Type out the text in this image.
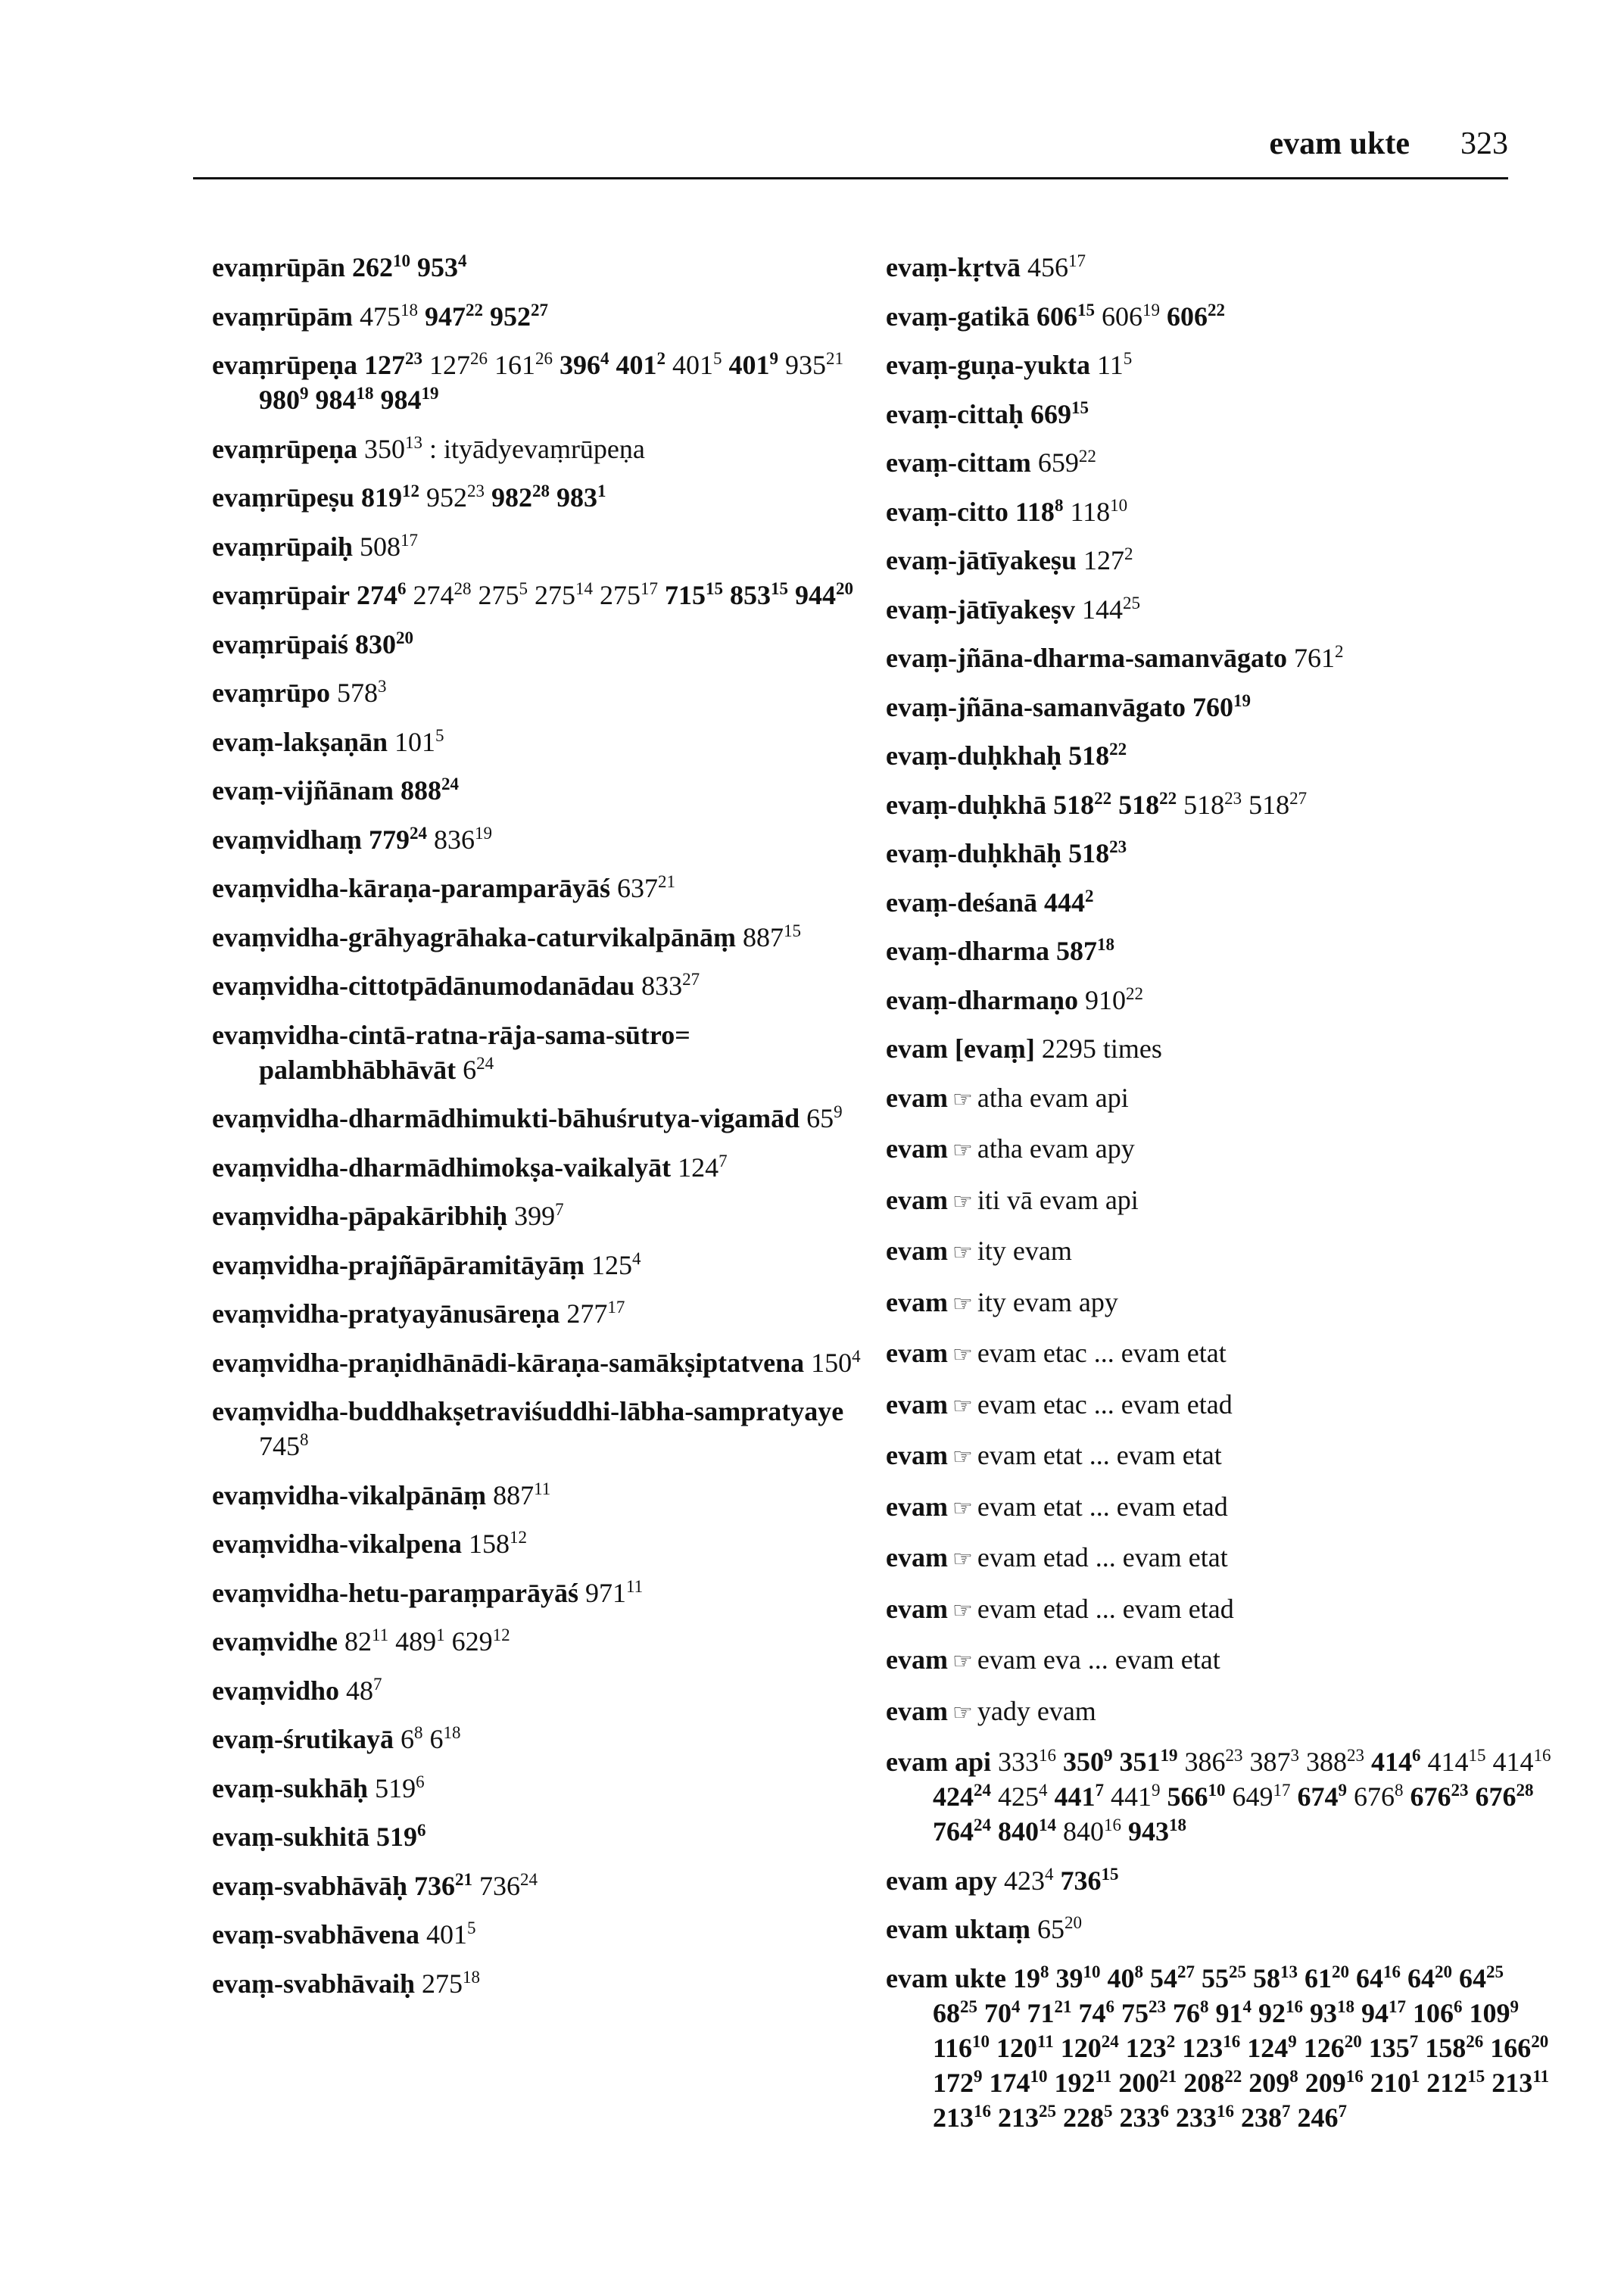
evam ukte 323
evaṃrūpān $262^{10}$ $953^4$
evaṃrūpām $475^{18}$ $947^{22}$ $952^{27}$
evaṃrūpeṇa $127^{23}$ $127^{26}$ $161^{26}$ $396^4$ $401^2$ $401^5$ $401^9$ $935^{21}$ $980^9$ $984^{18}$ $984^{19}$
evaṃrūpeṇa $350^{13}$ : ityādyevaṃrūpeṇa
evaṃrūpeṣu $819^{12}$ $952^{23}$ $982^{28}$ $983^1$
evaṃrūpaiḥ $508^{17}$
evaṃrūpair $274^6$ $274^{28}$ $275^5$ $275^{14}$ $275^{17}$ $715^{15}$ $853^{15}$ $944^{20}$
evaṃrūpaiś $830^{20}$
evaṃrūpo $578^3$
evaṃ-lakṣaṇān $101^5$
evaṃ-vijñānam $888^{24}$
evaṃvidhaṃ $779^{24}$ $836^{19}$
evaṃvidha-kāraṇa-paramparāyāś $637^{21}$
evaṃvidha-grāhyagrāhaka-caturvikalpānāṃ $887^{15}$
evaṃvidha-cittotpādānumodanādau $833^{27}$
evaṃvidha-cintā-ratna-rāja-sama-sūtro= palambhābhāvāt $6^{24}$
evaṃvidha-dharmādhimukti-bāhuśrutya-vigamād $65^9$
evaṃvidha-dharmādhimokṣa-vaikalyāt $124^7$
evaṃvidha-pāpakāribhiḥ $399^7$
evaṃvidha-prajñāpāramitāyāṃ $125^4$
evaṃvidha-pratyayānusāreṇa $277^{17}$
evaṃvidha-praṇidhānādi-kāraṇa-samākṣiptatvena $150^4$
evaṃvidha-buddhakṣetraviśuddhi-lābha-sampratyaye $745^8$
evaṃvidha-vikalpānāṃ $887^{11}$
evaṃvidha-vikalpena $158^{12}$
evaṃvidha-hetu-paraṃparāyāś $971^{11}$
evaṃvidhe $82^{11}$ $489^1$ $629^{12}$
evaṃvidho $48^7$
evaṃ-śrutikayā $6^8$ $6^{18}$
evaṃ-sukhāḥ $519^6$
evaṃ-sukhitā $519^6$
evaṃ-svabhāvāḥ $736^{21}$ $736^{24}$
evaṃ-svabhāvena $401^5$
evaṃ-svabhāvaiḥ $275^{18}$
evaṃ-kṛtvā $456^{17}$
evaṃ-gatikā $606^{15}$ $606^{19}$ $606^{22}$
evaṃ-guṇa-yukta $11^5$
evaṃ-cittaḥ $669^{15}$
evaṃ-cittam $659^{22}$
evaṃ-citto $118^8$ $118^{10}$
evaṃ-jātīyakeṣu $127^2$
evaṃ-jātīyakeṣv $144^{25}$
evaṃ-jñāna-dharma-samanvāgato $761^2$
evaṃ-jñāna-samanvāgato $760^{19}$
evaṃ-duḥkhaḥ $518^{22}$
evaṃ-duḥkhā $518^{22}$ $518^{22}$ $518^{23}$ $518^{27}$
evaṃ-duḥkhāḥ $518^{23}$
evaṃ-deśanā $444^2$
evaṃ-dharma $587^{18}$
evaṃ-dharmaṇo $910^{22}$
evam [evaṃ] 2295 times
evam ☞ atha evam api
evam ☞ atha evam apy
evam ☞ iti vā evam api
evam ☞ ity evam
evam ☞ ity evam apy
evam ☞ evam etac ... evam etat
evam ☞ evam etac ... evam etad
evam ☞ evam etat ... evam etat
evam ☞ evam etat ... evam etad
evam ☞ evam etad ... evam etat
evam ☞ evam etad ... evam etad
evam ☞ evam eva ... evam etat
evam ☞ yady evam
evam api $333^{16}$ $350^9$ $351^{19}$ $386^{23}$ $387^3$ $388^{23}$ $414^6$ $414^{15}$ $414^{16}$ $424^{24}$ $425^4$ $441^7$ $441^9$ $566^{10}$ $649^{17}$ $674^9$ $676^8$ $676^{23}$ $676^{28}$ $764^{24}$ $840^{14}$ $840^{16}$ $943^{18}$
evam apy $423^4$ $736^{15}$
evam uktaṃ $65^{20}$
evam ukte $19^8$ $39^{10}$ $40^8$ $54^{27}$ $55^{25}$ $58^{13}$ $61^{20}$ $64^{16}$ $64^{20}$ $64^{25}$ $68^{25}$ $70^4$ $71^{21}$ $74^6$ $75^{23}$ $76^8$ $91^4$ $92^{16}$ $93^{18}$ $94^{17}$ $106^6$ $109^9$ $116^{10}$ $120^{11}$ $120^{24}$ $123^2$ $123^{16}$ $124^9$ $126^{20}$ $135^7$ $158^{26}$ $166^{20}$ $172^9$ $174^{10}$ $192^{11}$ $200^{21}$ $208^{22}$ $209^8$ $209^{16}$ $210^1$ $212^{15}$ $213^{11}$ $213^{16}$ $213^{25}$ $228^5$ $233^6$ $233^{16}$ $238^7$ $246^7$
